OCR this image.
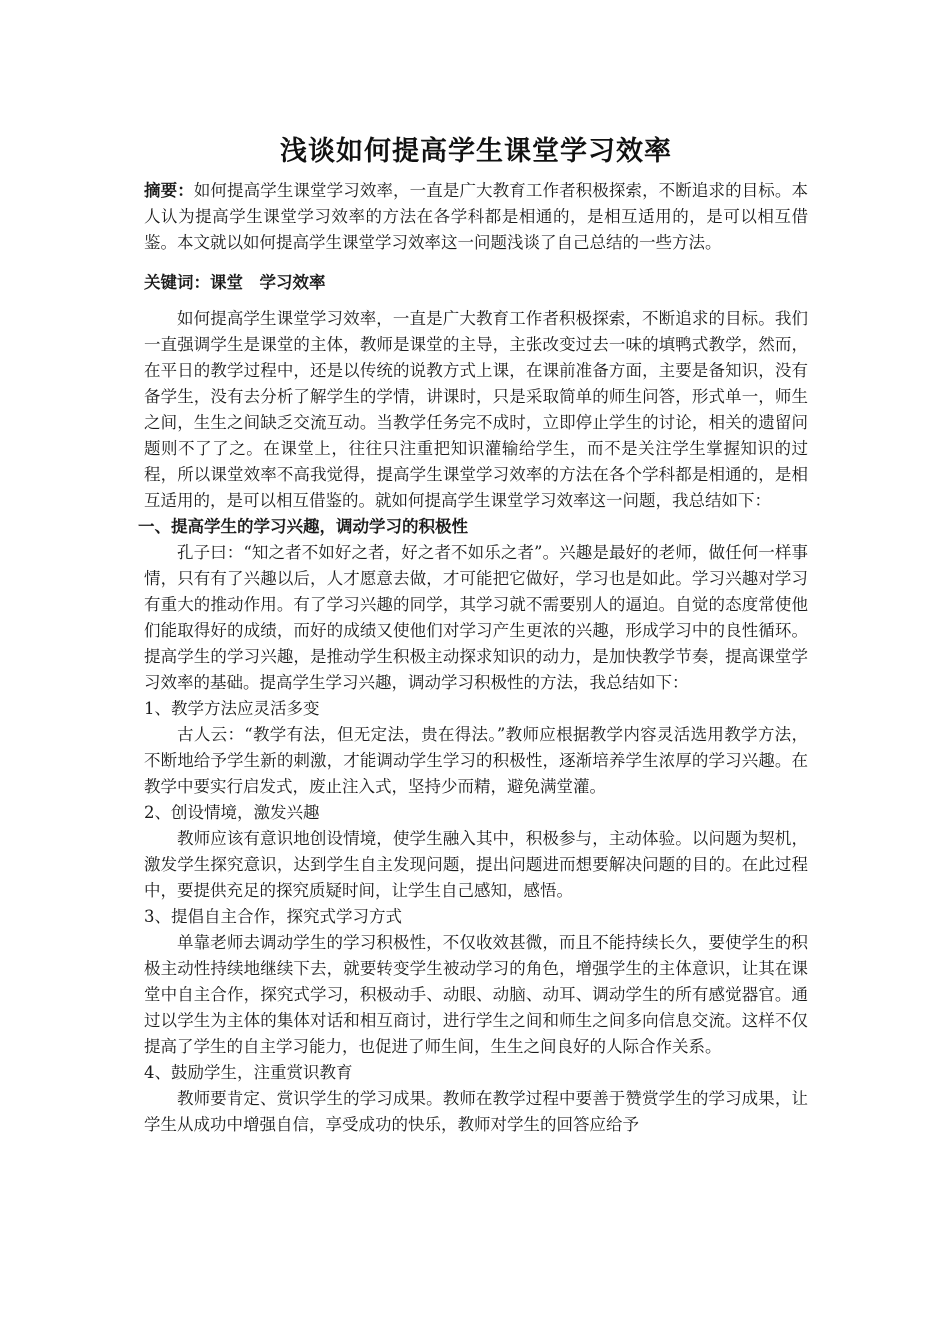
浅谈如何提高学生课堂学习效率

摘要：如何提高学生课堂学习效率，一直是广大教育工作者积极探索，不断追求的目标。本人认为提高学生课堂学习效率的方法在各学科都是相通的，是相互适用的，是可以相互借鉴。本文就以如何提高学生课堂学习效率这一问题浅谈了自己总结的一些方法。

关键词：课堂 学习效率

如何提高学生课堂学习效率，一直是广大教育工作者积极探索，不断追求的目标。我们一直强调学生是课堂的主体，教师是课堂的主导，主张改变过去一味的填鸭式教学，然而，在平日的教学过程中，还是以传统的说教方式上课，在课前准备方面，主要是备知识，没有备学生，没有去分析了解学生的学情，讲课时，只是采取简单的师生问答，形式单一，师生之间，生生之间缺乏交流互动。当教学任务完不成时，立即停止学生的讨论，相关的遗留问题则不了了之。在课堂上，往往只注重把知识灌输给学生，而不是关注学生掌握知识的过程，所以课堂效率不高我觉得，提高学生课堂学习效率的方法在各个学科都是相通的，是相互适用的，是可以相互借鉴的。就如何提高学生课堂学习效率这一问题，我总结如下：

一、提高学生的学习兴趣，调动学习的积极性

孔子曰：“知之者不如好之者，好之者不如乐之者”。兴趣是最好的老师，做任何一样事情，只有有了兴趣以后，人才愿意去做，才可能把它做好，学习也是如此。学习兴趣对学习有重大的推动作用。有了学习兴趣的同学，其学习就不需要别人的逼迫。自觉的态度常使他们能取得好的成绩，而好的成绩又使他们对学习产生更浓的兴趣，形成学习中的良性循环。提高学生的学习兴趣，是推动学生积极主动探求知识的动力，是加快教学节奏，提高课堂学习效率的基础。提高学生学习兴趣，调动学习积极性的方法，我总结如下：

1、教学方法应灵活多变

古人云：“教学有法，但无定法，贵在得法。”教师应根据教学内容灵活选用教学方法，不断地给予学生新的刺激，才能调动学生学习的积极性，逐渐培养学生浓厚的学习兴趣。在教学中要实行启发式，废止注入式，坚持少而精，避免满堂灌。

2、创设情境，激发兴趣

教师应该有意识地创设情境，使学生融入其中，积极参与，主动体验。以问题为契机，激发学生探究意识，达到学生自主发现问题，提出问题进而想要解决问题的目的。在此过程中，要提供充足的探究质疑时间，让学生自己感知，感悟。

3、提倡自主合作，探究式学习方式

单靠老师去调动学生的学习积极性，不仅收效甚微，而且不能持续长久，要使学生的积极主动性持续地继续下去，就要转变学生被动学习的角色，增强学生的主体意识，让其在课堂中自主合作，探究式学习，积极动手、动眼、动脑、动耳、调动学生的所有感觉器官。通过以学生为主体的集体对话和相互商讨，进行学生之间和师生之间多向信息交流。这样不仅提高了学生的自主学习能力，也促进了师生间，生生之间良好的人际合作关系。

4、鼓励学生，注重赏识教育

教师要肯定、赏识学生的学习成果。教师在教学过程中要善于赞赏学生的学习成果，让学生从成功中增强自信，享受成功的快乐，教师对学生的回答应给予
